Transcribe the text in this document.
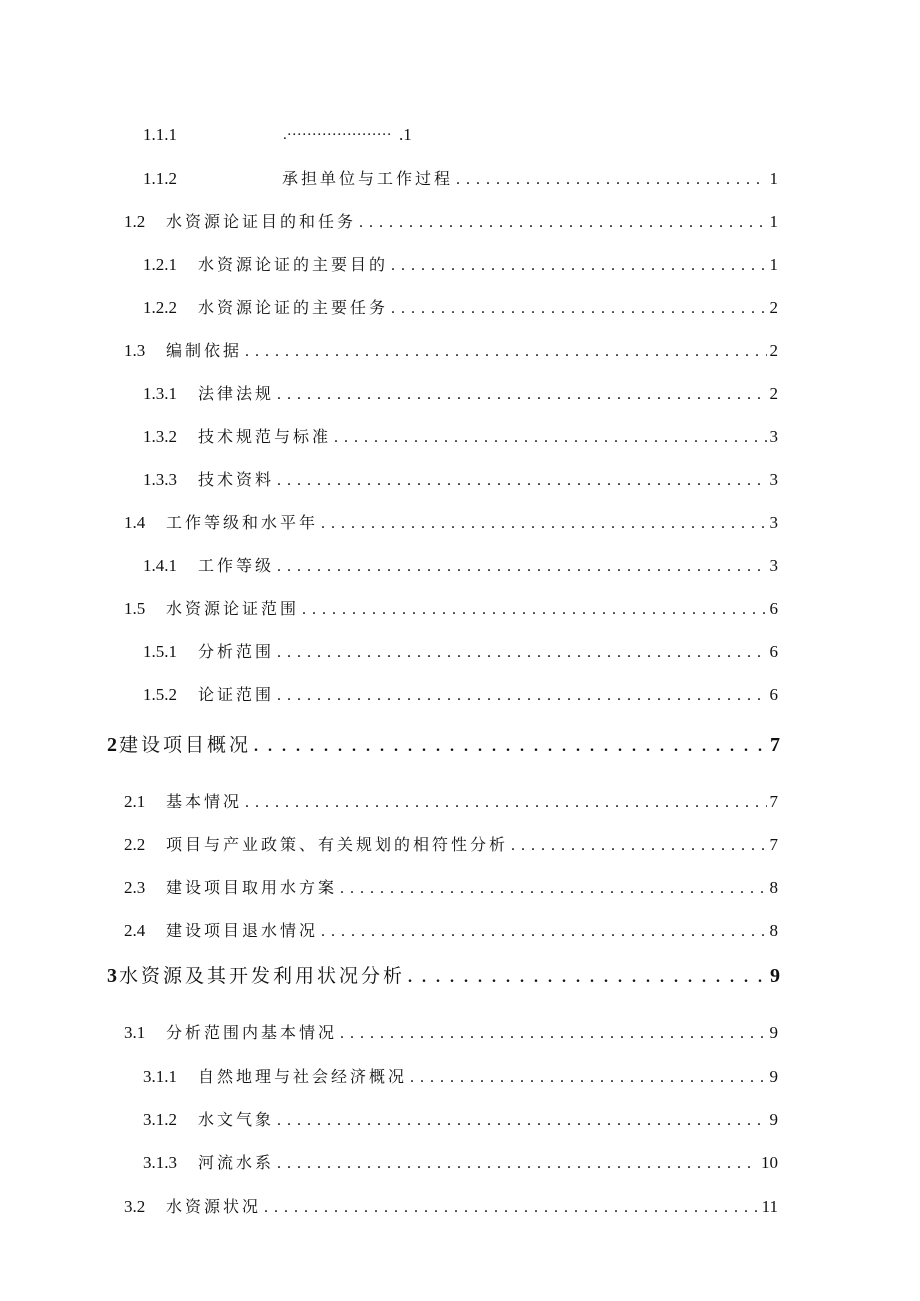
1.1.1	.····················· .1
1.1.2	承担单位与工作过程 . . .	1
1.2	水资源论证目的和任务 . . .	1
1.2.1	水资源论证的主要目的 . . .	1
1.2.2	水资源论证的主要任务 . . .	2
1.3	编制依据 . . .	2
1.3.1	法律法规 . . .	2
1.3.2	技术规范与标准 . . .	3
1.3.3	技术资料 . . .	3
1.4	工作等级和水平年 . . .	3
1.4.1	工作等级 . . .	3
1.5	水资源论证范围 . . .	6
1.5.1	分析范围 . . .	6
1.5.2	论证范围 . . .	6
2 建设项目概况 . . .	7
2.1	基本情况 . . .	7
2.2	项目与产业政策、有关规划的相符性分析 . . .	7
2.3	建设项目取用水方案 . . .	8
2.4	建设项目退水情况 . . .	8
3 水资源及其开发利用状况分析 . . .	9
3.1	分析范围内基本情况 . . .	9
3.1.1	自然地理与社会经济概况 . . .	9
3.1.2	水文气象 . . .	9
3.1.3	河流水系 . . .	10
3.2	水资源状况 . . .	11
